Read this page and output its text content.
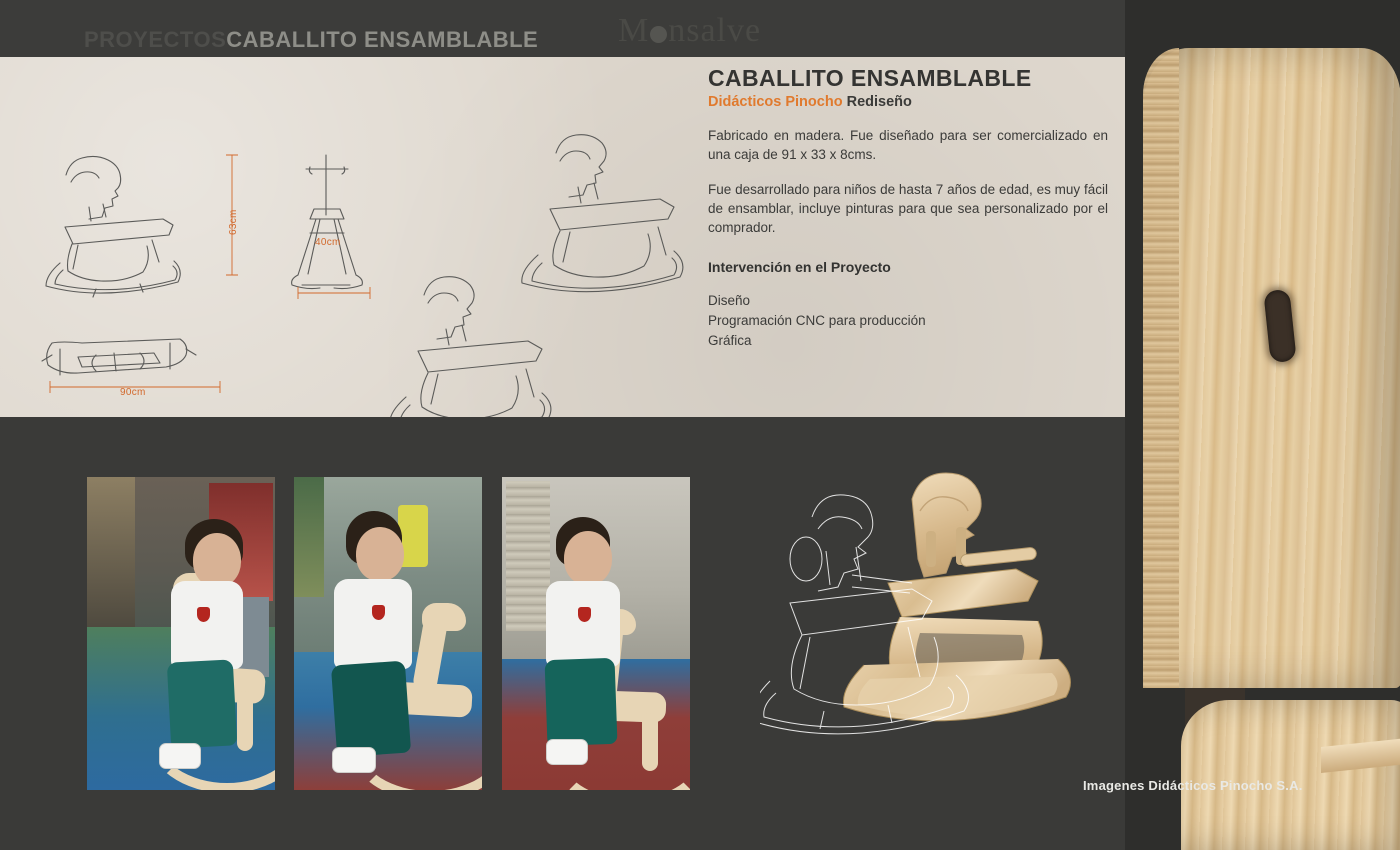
PROYECTOSCABALLITO ENSAMBLABLE M nsalve
63cm
40cm
90cm
CABALLITO ENSAMBLABLE
Didácticos Pinocho Rediseño

Fabricado en madera. Fue diseñado para ser comercializado en una caja de 91 x 33 x 8cms.

Fue desarrollado para niños de hasta 7 años de edad, es muy fácil de ensamblar, incluye pinturas para que sea personalizado por el comprador.

Intervención en el Proyecto
Diseño
Programación CNC para producción
Gráfica
Imagenes Didácticos Pinocho S.A.
